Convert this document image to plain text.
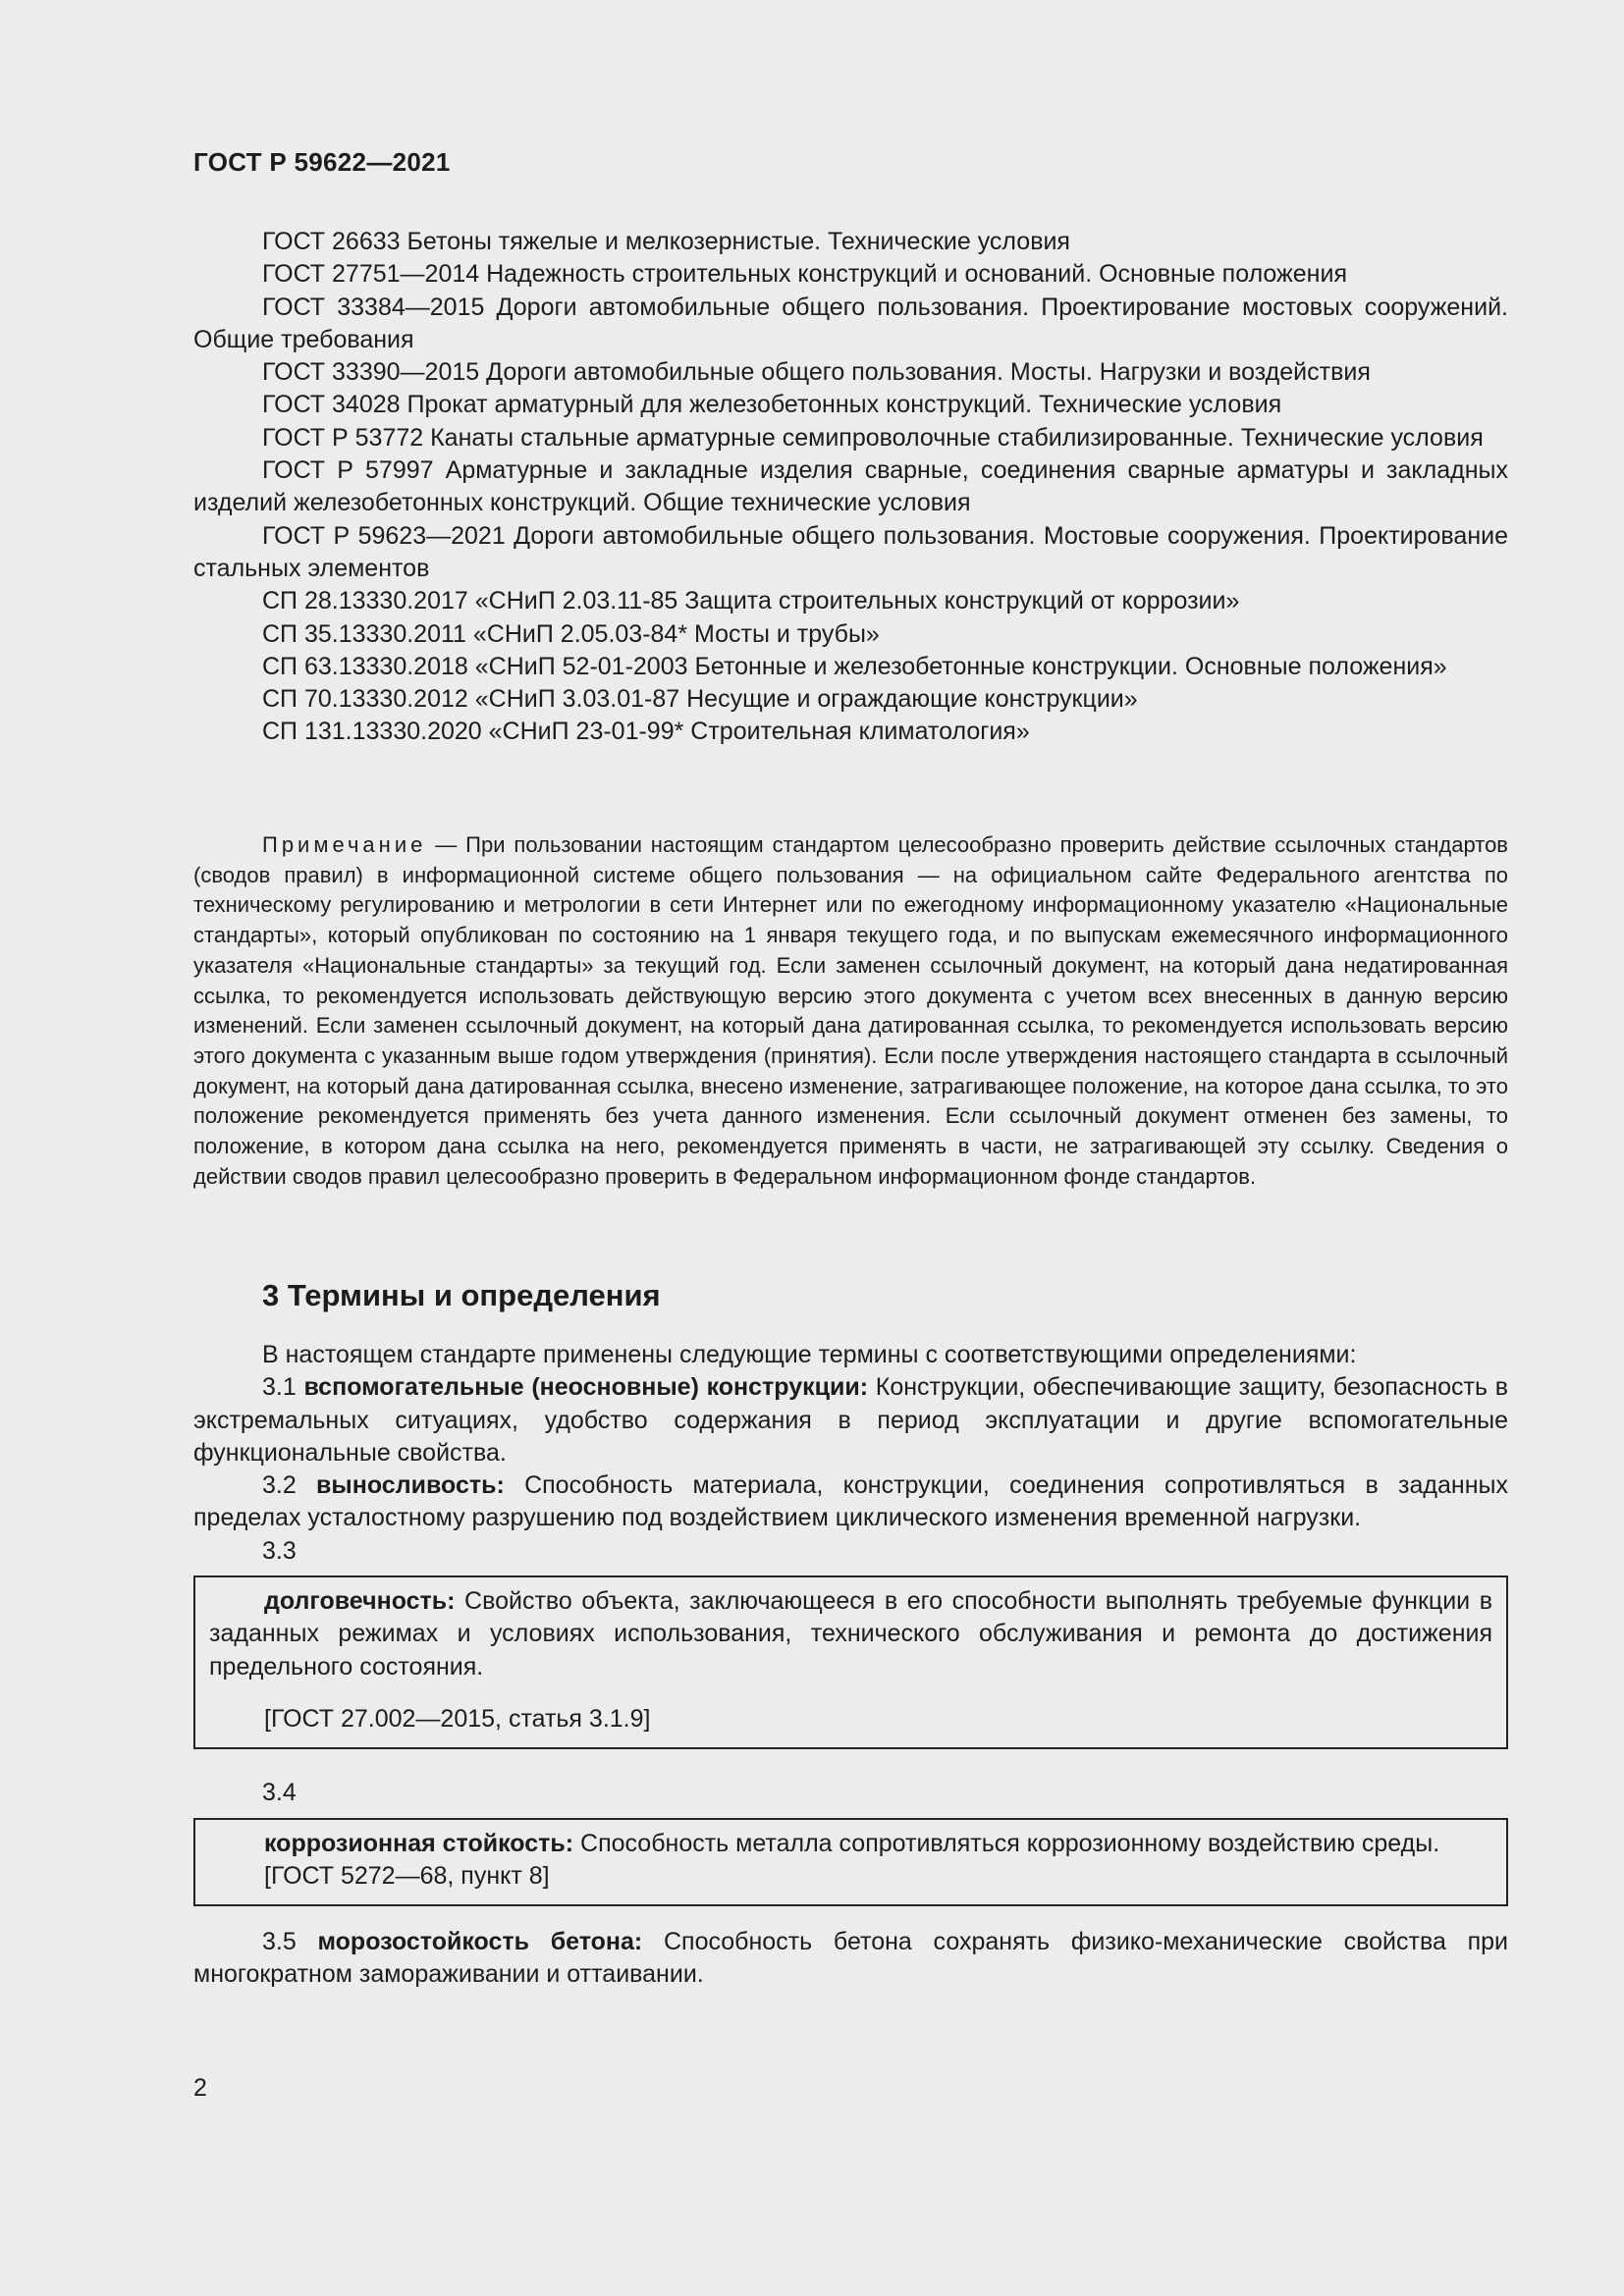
ГОСТ Р 59622—2021

ГОСТ 26633 Бетоны тяжелые и мелкозернистые. Технические условия

ГОСТ 27751—2014 Надежность строительных конструкций и оснований. Основные положения

ГОСТ 33384—2015 Дороги автомобильные общего пользования. Проектирование мостовых сооружений. Общие требования

ГОСТ 33390—2015 Дороги автомобильные общего пользования. Мосты. Нагрузки и воздействия

ГОСТ 34028 Прокат арматурный для железобетонных конструкций. Технические условия

ГОСТ Р 53772 Канаты стальные арматурные семипроволочные стабилизированные. Технические условия

ГОСТ Р 57997 Арматурные и закладные изделия сварные, соединения сварные арматуры и закладных изделий железобетонных конструкций. Общие технические условия

ГОСТ Р 59623—2021 Дороги автомобильные общего пользования. Мостовые сооружения. Проектирование стальных элементов

СП 28.13330.2017 «СНиП 2.03.11-85 Защита строительных конструкций от коррозии»

СП 35.13330.2011 «СНиП 2.05.03-84* Мосты и трубы»

СП 63.13330.2018 «СНиП 52-01-2003 Бетонные и железобетонные конструкции. Основные положения»

СП 70.13330.2012 «СНиП 3.03.01-87 Несущие и ограждающие конструкции»

СП 131.13330.2020 «СНиП 23-01-99* Строительная климатология»

Примечание — При пользовании настоящим стандартом целесообразно проверить действие ссылочных стандартов (сводов правил) в информационной системе общего пользования — на официальном сайте Федерального агентства по техническому регулированию и метрологии в сети Интернет или по ежегодному информационному указателю «Национальные стандарты», который опубликован по состоянию на 1 января текущего года, и по выпускам ежемесячного информационного указателя «Национальные стандарты» за текущий год. Если заменен ссылочный документ, на который дана недатированная ссылка, то рекомендуется использовать действующую версию этого документа с учетом всех внесенных в данную версию изменений. Если заменен ссылочный документ, на который дана датированная ссылка, то рекомендуется использовать версию этого документа с указанным выше годом утверждения (принятия). Если после утверждения настоящего стандарта в ссылочный документ, на который дана датированная ссылка, внесено изменение, затрагивающее положение, на которое дана ссылка, то это положение рекомендуется применять без учета данного изменения. Если ссылочный документ отменен без замены, то положение, в котором дана ссылка на него, рекомендуется применять в части, не затрагивающей эту ссылку. Сведения о действии сводов правил целесообразно проверить в Федеральном информационном фонде стандартов.

3 Термины и определения

В настоящем стандарте применены следующие термины с соответствующими определениями:

3.1 вспомогательные (неосновные) конструкции: Конструкции, обеспечивающие защиту, безопасность в экстремальных ситуациях, удобство содержания в период эксплуатации и другие вспомогательные функциональные свойства.

3.2 выносливость: Способность материала, конструкции, соединения сопротивляться в заданных пределах усталостному разрушению под воздействием циклического изменения временной нагрузки.

3.3

долговечность: Свойство объекта, заключающееся в его способности выполнять требуемые функции в заданных режимах и условиях использования, технического обслуживания и ремонта до достижения предельного состояния.

[ГОСТ 27.002—2015, статья 3.1.9]

3.4

коррозионная стойкость: Способность металла сопротивляться коррозионному воздействию среды.

[ГОСТ 5272—68, пункт 8]

3.5 морозостойкость бетона: Способность бетона сохранять физико-механические свойства при многократном замораживании и оттаивании.

2
